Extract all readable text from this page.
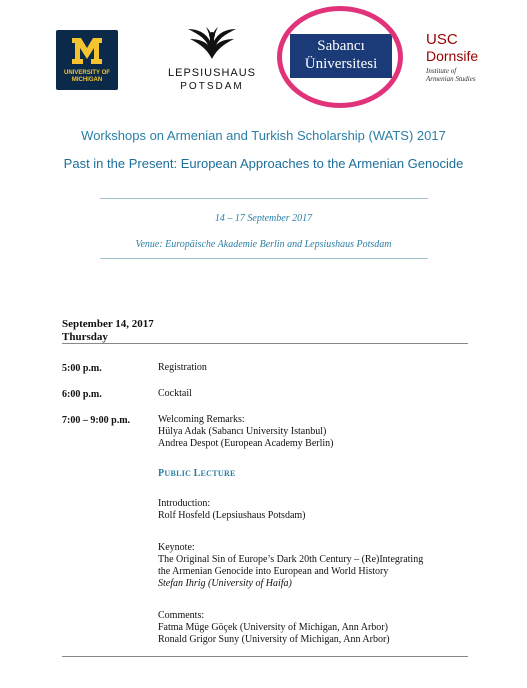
UNIVERSITY OF
MICHIGAN
LEPSIUSHAUS
POTSDAM
Sabancı
Üniversitesi
USC
Dornsife
Institute of
Armenian Studies
Workshops on Armenian and Turkish Scholarship (WATS) 2017
Past in the Present: European Approaches to the Armenian Genocide
14 – 17 September 2017
Venue: Europäische Akademie Berlin and Lepsiushaus Potsdam
September 14, 2017
Thursday
5:00 p.m.	Registration
6:00 p.m.	Cocktail
7:00 – 9:00 p.m.	Welcoming Remarks:
Hülya Adak (Sabancı University Istanbul)
Andrea Despot (European Academy Berlin)
PUBLIC LECTURE
Introduction:
Rolf Hosfeld (Lepsiushaus Potsdam)
Keynote:
The Original Sin of Europe’s Dark 20th Century – (Re)Integrating
the Armenian Genocide into European and World History
Stefan Ihrig (University of Haifa)
Comments:
Fatma Müge Göçek (University of Michigan, Ann Arbor)
Ronald Grigor Suny (University of Michigan, Ann Arbor)
